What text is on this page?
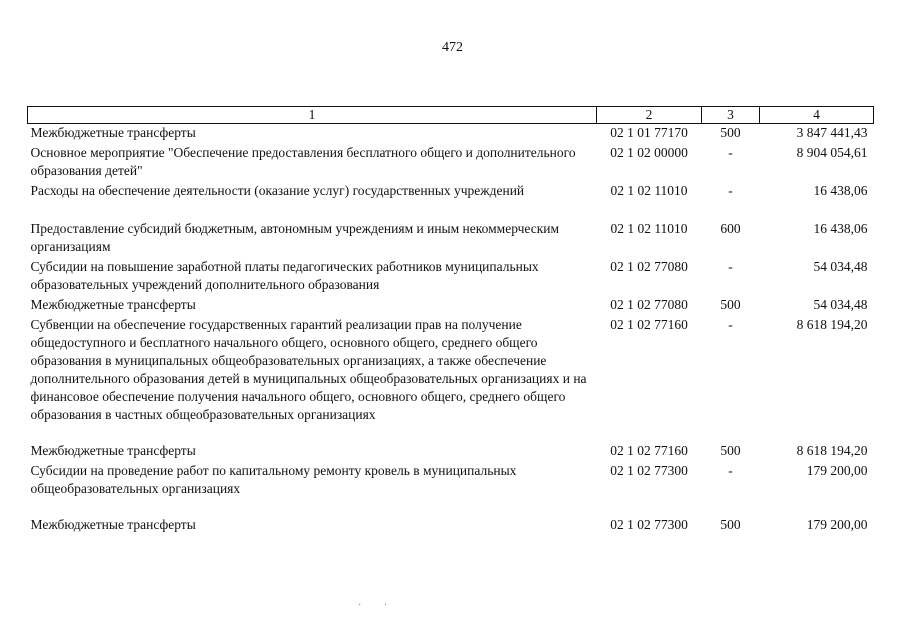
472
1	2	3	4
Межбюджетные трансферты	02 1 01 77170	500	3 847 441,43
Основное мероприятие "Обеспечение предоставления бесплатного общего и дополнительного образования детей"	02 1 02 00000	-	8 904 054,61
Расходы на обеспечение деятельности (оказание услуг) государственных учреждений	02 1 02 11010	-	16 438,06
Предоставление субсидий бюджетным, автономным учреждениям и иным некоммерческим организациям	02 1 02 11010	600	16 438,06
Субсидии на повышение заработной платы педагогических работников муниципальных образовательных учреждений дополнительного образования	02 1 02 77080	-	54 034,48
Межбюджетные трансферты	02 1 02 77080	500	54 034,48
Субвенции на обеспечение государственных гарантий реализации прав на получение общедоступного и бесплатного начального общего, основного общего, среднего общего образования в муниципальных общеобразовательных организациях, а также обеспечение дополнительного образования детей в муниципальных общеобразовательных организациях и на финансовое обеспечение получения начального общего, основного общего, среднего общего образования в частных общеобразовательных организациях	02 1 02 77160	-	8 618 194,20
Межбюджетные трансферты	02 1 02 77160	500	8 618 194,20
Субсидии на проведение работ по капитальному ремонту кровель в муниципальных общеобразовательных организациях	02 1 02 77300	-	179 200,00
Межбюджетные трансферты	02 1 02 77300	500	179 200,00
· ·
